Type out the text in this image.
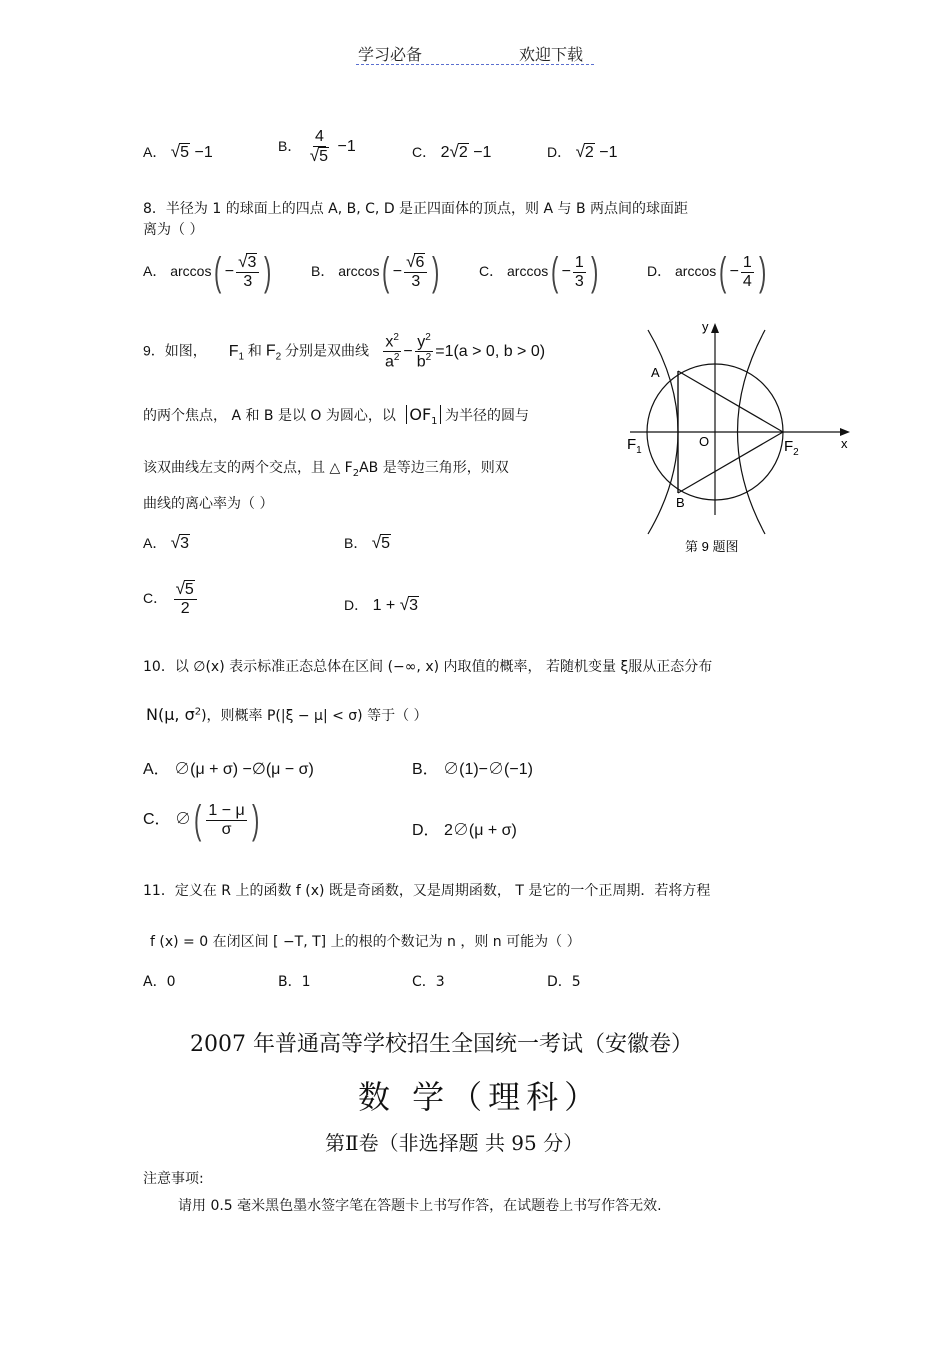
学习必备	欢迎下载
A． √5 −1	B． $\frac{4}{√5} -1$	C． 2√2 −1	D． √2 −1
8．半径为 1 的球面上的四点 A, B, C, D 是正四面体的顶点，则 A 与 B 两点间的球面距
离为（ ）
A． $\arccos( - \frac{√3}{3}$ )	B． $\arccos( - \frac{√6}{3}$ )	C． $\arccos( - \frac{1}{3}$ )	D． $\arccos( - \frac{1}{4}$ )
9．如图， $F_1$ 和 $F_2$ 分别是双曲线 $\frac{x^2}{a^2} - \frac{y^2}{b^2} =1(a > 0$, b > 0)
的两个焦点， A 和 B 是以 O 为圆心，以 $OF_1$ 为半径的圆与
该双曲线左支的两个交点，且 △ $F_2AB$ 是等边三角形，则双
曲线的离心率为（ ）
A． √3	B． √5
C． $\frac{√5}{2}$	D． 1 + √3
y
x
A
B
O
$F_1$	$F_2$
第 9 题图
10．以 ∅(x) 表示标准正态总体在区间 (−∞, x) 内取值的概率， 若随机变量 ξ服从正态分布
N(μ, $\sigma^2$)，则概率 P(|ξ − μ| < σ) 等于（ ）
A． ∅(μ + σ) −∅(μ − σ)	B． ∅(1)−∅(−1)
C． ∅( $\frac{1 - \mu}{\sigma}$ )	D． 2∅(μ + σ)
11．定义在 R 上的函数 f (x) 既是奇函数，又是周期函数， T 是它的一个正周期．若将方程
f (x) = 0 在闭区间 [ −T, T] 上的根的个数记为 n ，则 n 可能为（ ）
A．0	B．1	C．3	D．5
2007 年普通高等学校招生全国统一考试（安徽卷）
数 学（理科）
第Ⅱ卷（非选择题 共 95 分）
注意事项:
请用 0.5 毫米黑色墨水签字笔在答题卡上书写作答，在试题卷上书写作答无效.
